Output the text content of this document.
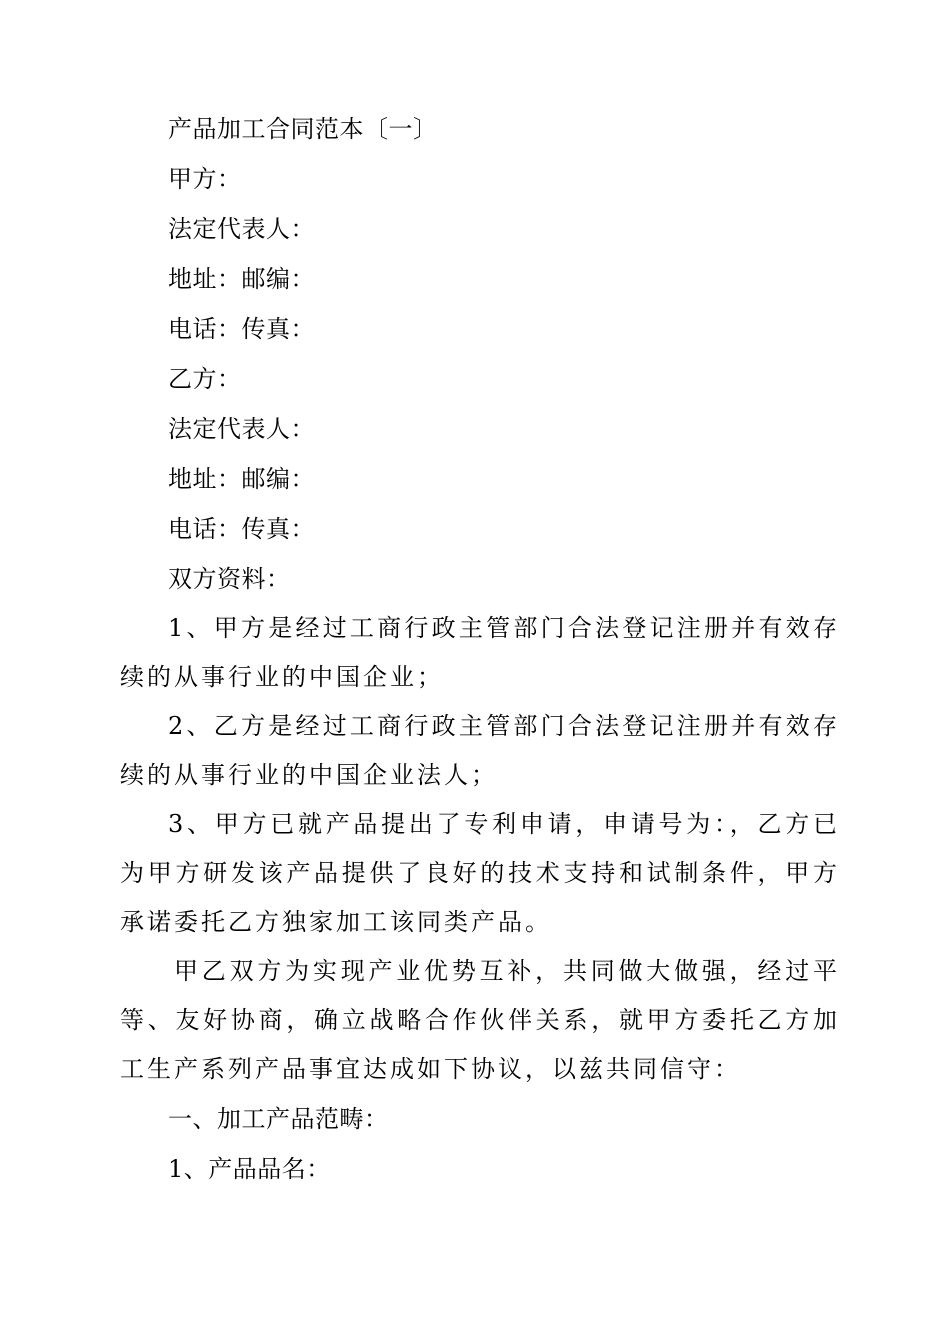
产品加工合同范本〔一〕
甲方：
法定代表人：
地址：邮编：
电话：传真：
乙方：
法定代表人：
地址：邮编：
电话：传真：
双方资料：

1、甲方是经过工商行政主管部门合法登记注册并有效存续的从事行业的中国企业；

2、乙方是经过工商行政主管部门合法登记注册并有效存续的从事行业的中国企业法人；

3、甲方已就产品提出了专利申请，申请号为：，乙方已为甲方研发该产品提供了良好的技术支持和试制条件，甲方承诺委托乙方独家加工该同类产品。

甲乙双方为实现产业优势互补，共同做大做强，经过平等、友好协商，确立战略合作伙伴关系，就甲方委托乙方加工生产系列产品事宜达成如下协议，以兹共同信守：

一、加工产品范畴：
1、产品品名：
